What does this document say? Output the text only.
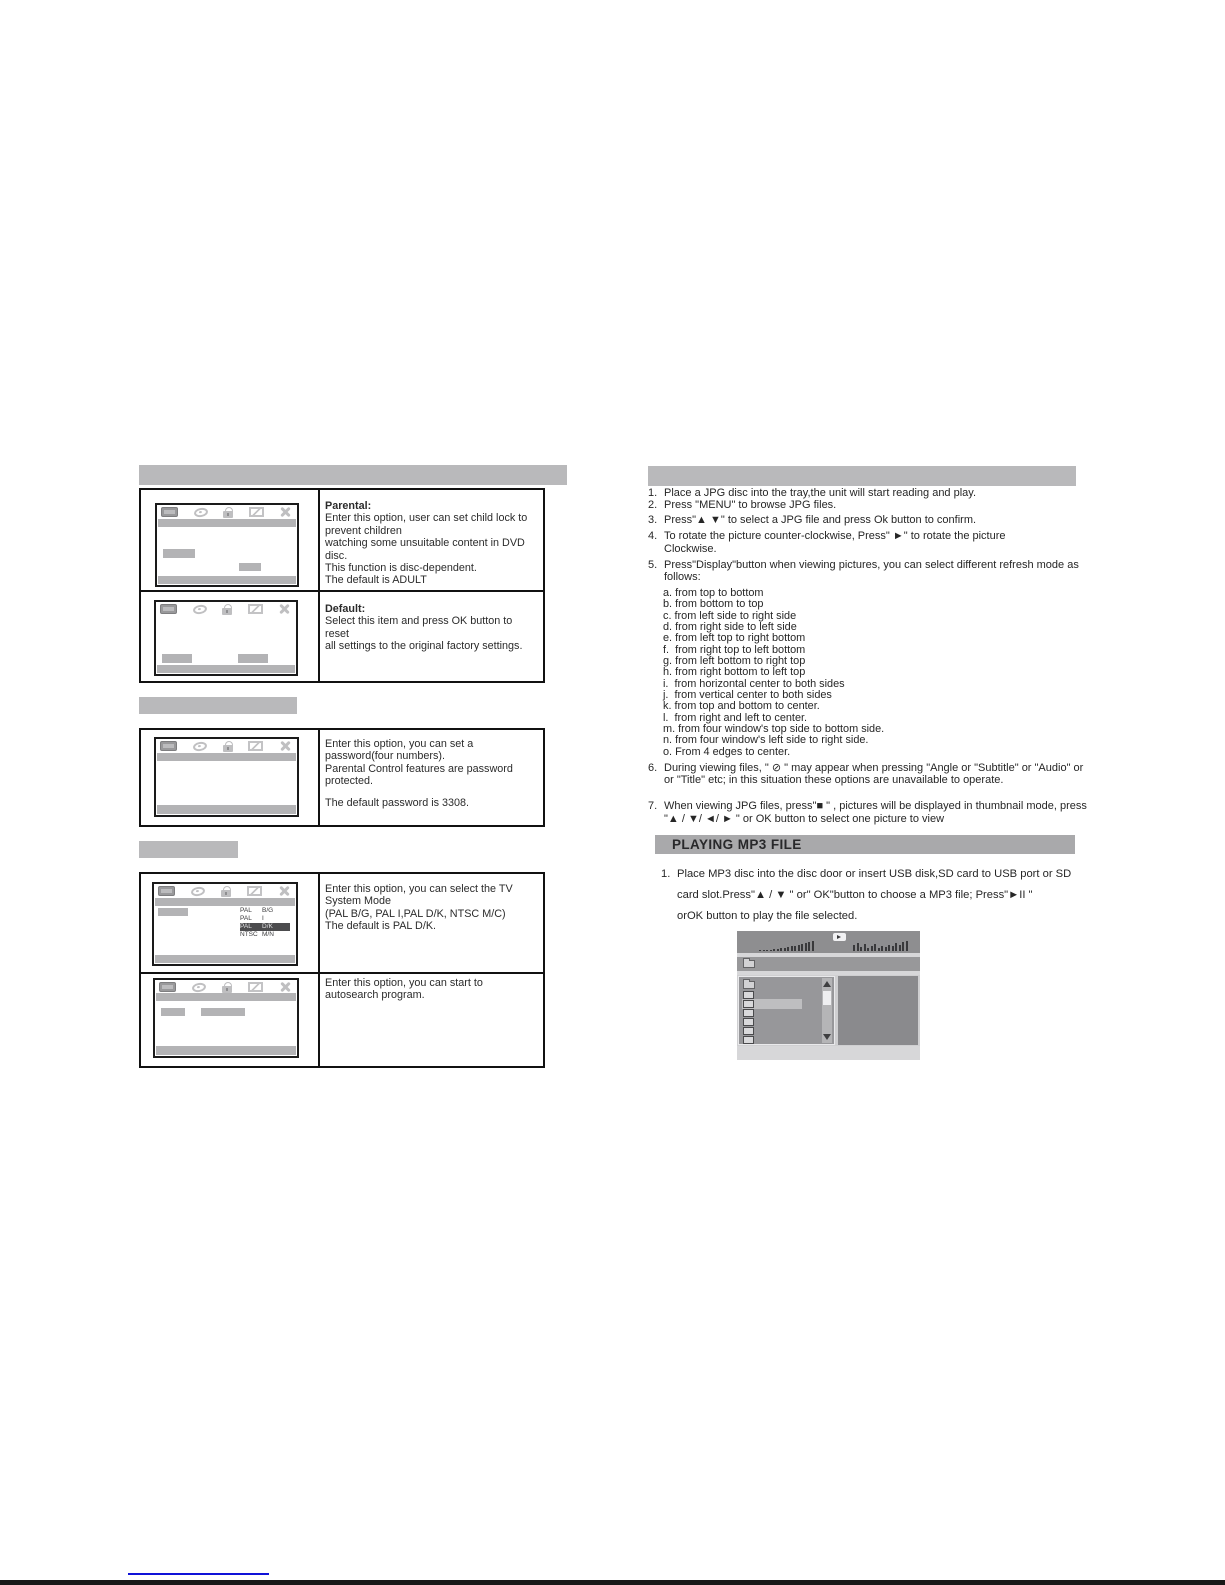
Parental:
Enter this option, user can set child lock to prevent children
watching some unsuitable content in DVD disc.
This function is disc-dependent.
The default is ADULT
Default:
Select this item and press OK button to reset
all settings to the original factory settings.
Enter this option, you can set a password(four numbers).
Parental Control features are password protected.
The default password is 3308.
PAL	B/G
PAL	I
PAL	D/K
NTSC M/N
Enter this option, you can select the TV System Mode
(PAL B/G, PAL I,PAL D/K, NTSC M/C)
The default is PAL D/K.
Enter this option, you can start to autosearch program.
1. Place a JPG disc into the tray,the unit will start reading and play.
2. Press "MENU" to browse JPG files.
3. Press"▲ ▼" to select a JPG file and press Ok button to confirm.
4. To rotate the picture counter-clockwise, Press" ►" to rotate the picture
Clockwise.
5. Press"Display"button when viewing pictures, you can select different refresh mode as
follows:
a. from top to bottom
b. from bottom to top
c. from left side to right side
d. from right side to left side
e. from left top to right bottom
f.  from right top to left bottom
g. from left bottom to right top
h. from right bottom to left top
i.  from horizontal center to both sides
j.  from vertical center to both sides
k. from top and bottom to center.
l.  from right and left to center.
m. from four window's top side to bottom side.
n. from four window's left side to right side.
o. From 4 edges to center.
6. During viewing files, " ⊘ " may appear when pressing "Angle or "Subtitle" or "Audio" or
or "Title" etc; in this situation these options are unavailable to operate.
7. When viewing JPG files, press"■ " , pictures will be displayed in thumbnail mode, press
"▲ / ▼/ ◄/ ► " or OK button to select one picture to view
PLAYING MP3 FILE
1. Place MP3 disc into the disc door or insert USB disk,SD card to USB port or SD
card slot.Press"▲ / ▼ " or" OK"button to choose a MP3 file; Press"►II "
orOK button to play the file selected.
